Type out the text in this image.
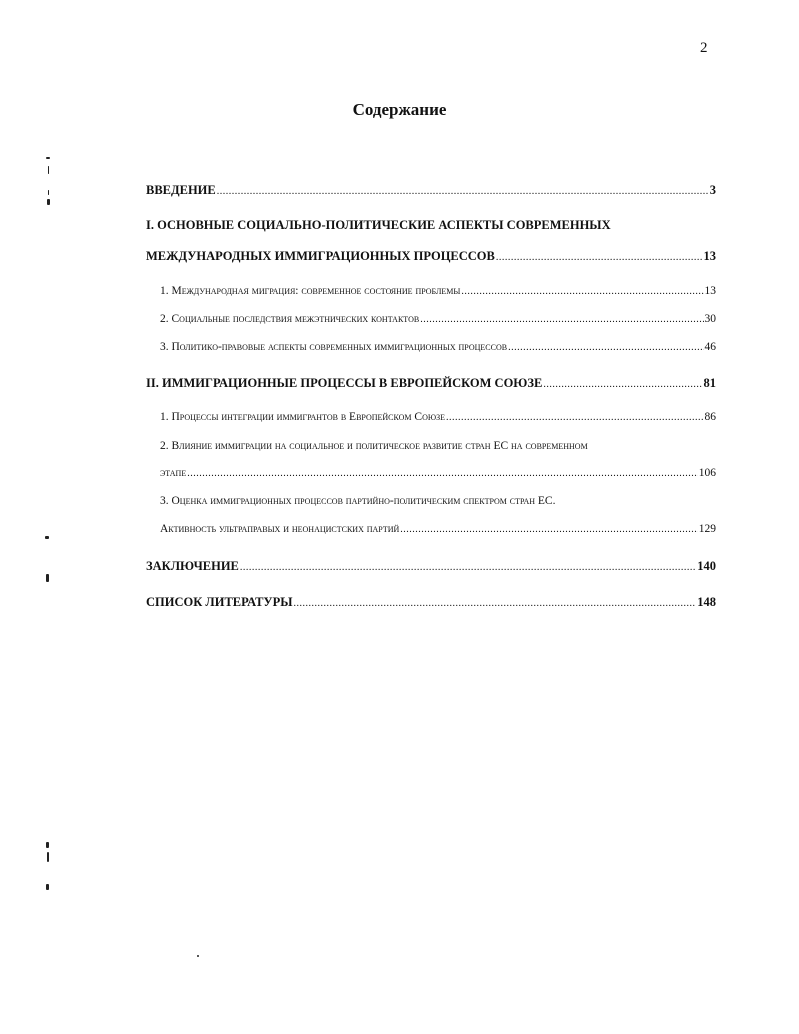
2
Содержание
ВВЕДЕНИЕ .....	3
I. ОСНОВНЫЕ СОЦИАЛЬНО-ПОЛИТИЧЕСКИЕ АСПЕКТЫ СОВРЕМЕННЫХ
МЕЖДУНАРОДНЫХ ИММИГРАЦИОННЫХ ПРОЦЕССОВ .....	13
1. Международная миграция: современное состояние проблемы .....	13
2. Социальные последствия межэтнических контактов .....	30
3. Политико-правовые аспекты современных иммиграционных процессов .....	46
II. ИММИГРАЦИОННЫЕ ПРОЦЕССЫ В ЕВРОПЕЙСКОМ СОЮЗЕ .....	81
1. Процессы интеграции иммигрантов в Европейском Союзе .....	86
2. Влияние иммиграции на социальное и политическое развитие стран ЕС на современном
этапе .....	106
3. Оценка иммиграционных процессов партийно-политическим спектром стран ЕС.
Активность ультраправых и неонацистских партий .....	129
ЗАКЛЮЧЕНИЕ .....	140
СПИСОК ЛИТЕРАТУРЫ .....	148
